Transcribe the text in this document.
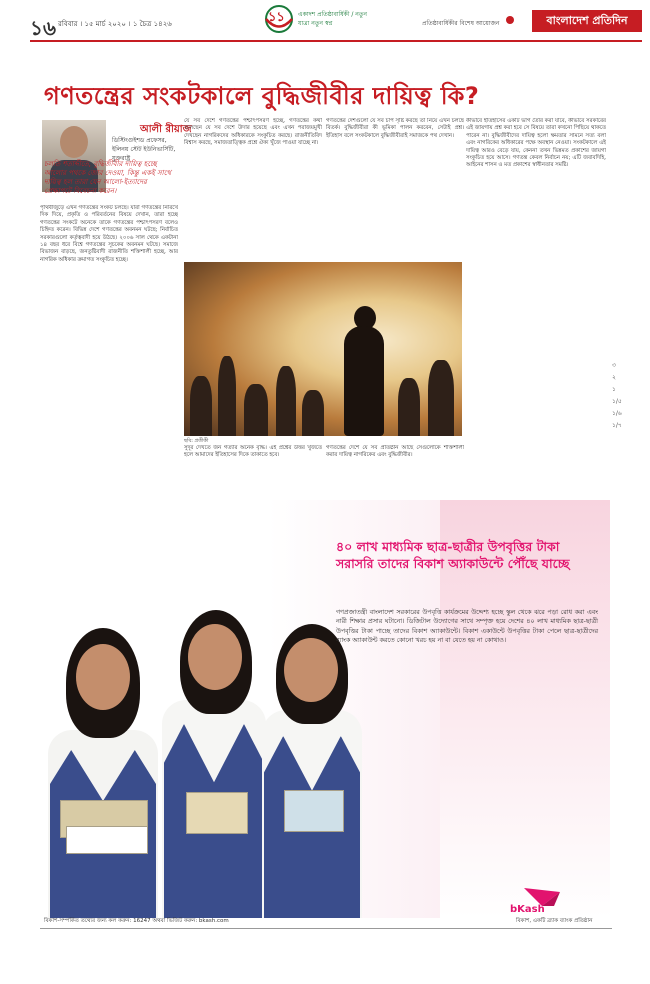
১৬ রবিবার । ১৫ মার্চ ২০২০ । ১ চৈত্র ১৪২৬	১১ একাদশ প্রতিষ্ঠাবার্ষিকী / নতুন যাত্রা নতুন স্বপ্ন	প্রতিষ্ঠাবার্ষিকীর বিশেষ আয়োজন	বাংলাদেশ প্রতিদিন
গণতন্ত্রের সংকটকালে বুদ্ধিজীবীর দায়িত্ব কি?
আলী রীয়াজ
ডিস্টিংগুইশড প্রফেসর, ইলিনয় স্টেট ইউনিভার্সিটি, যুক্তরাষ্ট্র
চলতি শতাব্দীতে, বুদ্ধিজীবীর দায়িত্ব হচ্ছে আলোর পথকে জোর দেওয়া, কিন্তু একই সাথে দায়িত্ব হল তারা যেন আলো-ইত্যাদের প্রেক্ষাপটে বিবেচনা করেন।

পৃথিবীজুড়ে এখন গণতন্ত্রের সংকট চলছে। যারা গণতন্ত্রের নিরিখে দিক দিয়ে, প্রকৃতি ও পরিবর্তনের বিষয়ে দেখান, তারা হচ্ছে গণতন্ত্রের সংকটে অনেকে তাকে গণতন্ত্রের পশ্চাৎপসরণ বলেও চিহ্নিত করেন। বিভিন্ন দেশে গণতন্ত্রের অবনমন ঘটছে; নির্বাচিত সরকারগুলো কর্তৃত্ববাদী হয়ে উঠছে। ২০০৬ সাল থেকে একটানা ১৪ বছর ধরে বিশ্বে গণতন্ত্রের সূচকের অবনমন ঘটছে। সমাজে বিভাজন বাড়ছে, জনতুষ্টিবাদী রাজনীতি শক্তিশালী হচ্ছে, আর নাগরিক অধিকার ক্রমাগত সংকুচিত হচ্ছে।

যে সব দেশে গণতন্ত্রের পশ্চাৎপসরণ হচ্ছে, গণতন্ত্রের কথা বলেছেন যে সব দেশে উদার হয়েছে এবং এখন পরাজয়মুখী দেখছেন নাগরিকদের অধিকারকে সংকুচিত করছে। রাজনীতিবিদ বিশ্বাস করছে, সমাজতাত্ত্বিক প্রশ্নে ঐক্য খুঁজে পাওয়া যাচ্ছে না।

গণতন্ত্রের দেশগুলো যে সব চাপ সৃষ্টি করছে তা নিয়ে এখন চলছে বিতর্ক। বুদ্ধিজীবীরা কী ভূমিকা পালন করবেন, সেটাই প্রশ্ন। ইতিহাস বলে সংকটকালে বুদ্ধিজীবীরাই সমাজকে পথ দেখান।

কীভাবে ইতিহাসের একটি ভাগ তৈরি করা যাবে, কীভাবে সরকারের এই জায়গায় প্রশ্ন করা হবে সে বিষয়ে তারা কখনো পিছিয়ে থাকতে পারেন না। বুদ্ধিজীবীদের দায়িত্ব হলো ক্ষমতার সামনে সত্য বলা এবং নাগরিকের অধিকারের পক্ষে অবস্থান নেওয়া। সংকটকালে এই দায়িত্ব আরও বেড়ে যায়, কেননা তখন ভিন্নমত প্রকাশের জায়গা সংকুচিত হয়ে আসে। গণতন্ত্র কেবল নির্বাচন নয়; এটি জবাবদিহি, আইনের শাসন ও মত প্রকাশের স্বাধীনতার সমষ্টি।

ছবি: প্রতীকী

সুদূর দেখতে জন গত্যার অনেক বৃদ্ধি। এই প্রশ্নের উত্তর খুঁজতে হলে আমাদের ইতিহাসের দিকে তাকাতে হবে।

গণতন্ত্রের দেশে যে সব প্রতিষ্ঠান আছে সেগুলোকে শক্তিশালী করার দায়িত্ব নাগরিকের এবং বুদ্ধিজীবীর।

৩
২
১
১/৫
১/৬
১/৭
৪০ লাখ মাধ্যমিক ছাত্র-ছাত্রীর উপবৃত্তির টাকা সরাসরি তাদের বিকাশ অ্যাকাউন্টে পৌঁছে যাচ্ছে
গণপ্রজাতন্ত্রী বাংলাদেশ সরকারের উপবৃত্তি কার্যক্রমের উদ্দেশ্য হচ্ছে স্কুল থেকে ঝরে পড়া রোধ করা এবং নারী শিক্ষার প্রসার ঘটানো। ডিজিটাল উদ্যোগের সাথে সম্পৃক্ত হয়ে দেশের ৪০ লাখ মাধ্যমিক ছাত্র-ছাত্রী উপবৃত্তির টাকা পাচ্ছে তাদের বিকাশ অ্যাকাউন্টে। বিকাশ একাউন্টে উপবৃত্তির টাকা পেলে ছাত্র-ছাত্রীদের ব্যাংক অ্যাকাউন্ট করতে কোনো খরচ হয় না বা যেতে হয় না কোথাও।
bKash
বিকাশ-সম্পর্কিত তথ্যের জন্য কল করুন: 16247 অথবা ভিজিট করুন: bkash.com	বিকাশ, একটি ব্র্যাক ব্যাংক প্রতিষ্ঠান
